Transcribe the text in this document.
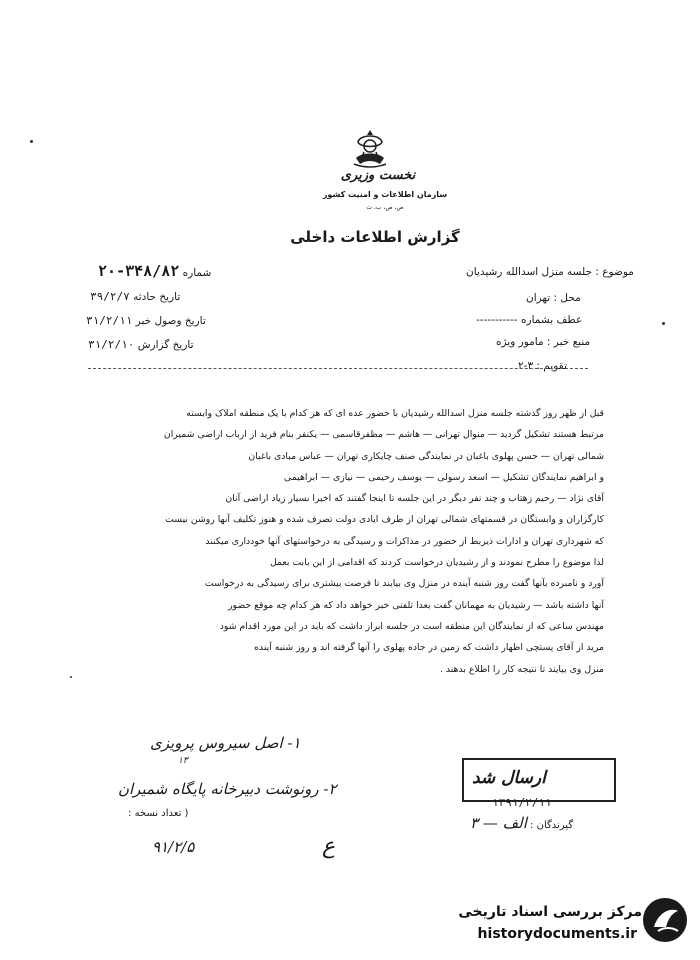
نخست وزیری
سازمان اطلاعات و امنیت کشور
ص، ص، ب، ت
گزارش اطلاعات داخلی
شماره ۳۴۸/۸۲-۲۰
تاریخ حادثه ۳۹/۲/۷
تاریخ وصول خبر ۳۱/۲/۱۱
تاریخ گزارش ۳۱/۲/۱۰
موضوع : جلسه منزل اسدالله رشیدیان
محل : تهران
عطف بشماره -----------
منبع خبر : مامور ویژه
تقویم : ۳-۲
قبل از ظهر روز گذشته جلسه منزل اسدالله رشیدیان با حضور عده ای که هر کدام با یک منطقه املاک وابسته
مرتبط هستند تشکیل گردید — منوال تهرانی — هاشم — مظفرقاسمی — یکنفر بنام فرید از ارباب اراضی شمیران
شمالی تهران — حسن پهلوی باغبان در نمایندگی صنف چایکاری تهران — عباس مبادی باغبان
و ابراهیم نمایندگان تشکیل — اسعد رسولی — یوسف رحیمی — نیازی — ابراهیمی
آقای نژاد — رحیم زهتاب و چند نفر دیگر در این جلسه تا اینجا گفتند که اخیرا بسیار زیاد اراضی آنان
کارگزاران و وابستگان در قسمتهای شمالی تهران از طرف ایادی دولت تصرف شده و هنوز تکلیف آنها روشن نیست
که شهرداری تهران و ادارات ذیربط از حضور در مذاکرات و رسیدگی به درخواستهای آنها خودداری میکنند
لذا موضوع را مطرح نمودند و از رشیدیان درخواست کردند که اقدامی از این بابت بعمل
آورد و نامبرده بآنها گفت روز شنبه آینده در منزل وی بیایند تا فرصت بیشتری برای رسیدگی به درخواست
آنها داشته باشد — رشیدیان به مهمانان گفت بعدا تلفنی خبر خواهد داد که هر کدام چه موقع حضور
مهندس ساعی که از نمایندگان این منطقه است در جلسه ابراز داشت که باید در این مورد اقدام شود
مرید از آقای پستچی اظهار داشت که زمین در جاده پهلوی را آنها گرفته اند و روز شنبه آینده
منزل وی بیایند تا نتیجه کار را اطلاع بدهند .
۱- اصل سیروس پرویزی
۱۳
۲- رونوشت دبیرخانه پایگاه شمیران
ع
ارسال شد
۱۳۹۱/۲/۱۱
گیرندگان : الف — ۳
( تعداد نسخه :
۹۱/۲/۵
مرکز بررسی اسناد تاریخی
historydocuments.ir
